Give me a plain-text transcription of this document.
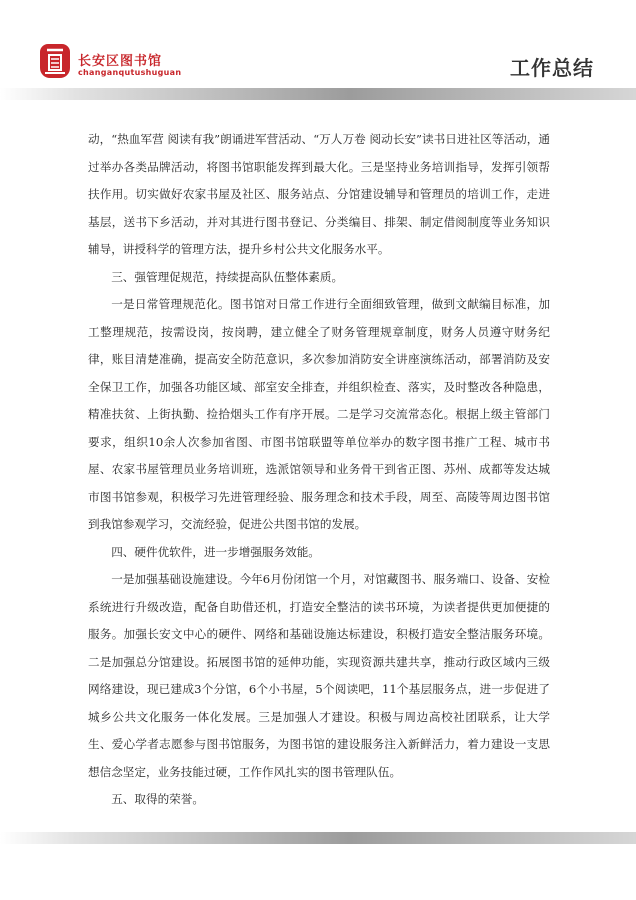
长安区图书馆
changanqutushuguan	工作总结

动，“热血军营 阅读有我”朗诵进军营活动、“万人万卷 阅动长安”读书日进社区等活动，通过举办各类品牌活动，将图书馆职能发挥到最大化。三是坚持业务培训指导，发挥引领帮扶作用。切实做好农家书屋及社区、服务站点、分馆建设辅导和管理员的培训工作，走进基层，送书下乡活动，并对其进行图书登记、分类编目、排架、制定借阅制度等业务知识辅导，讲授科学的管理方法，提升乡村公共文化服务水平。

三、强管理促规范，持续提高队伍整体素质。

一是日常管理规范化。图书馆对日常工作进行全面细致管理，做到文献编目标准，加工整理规范，按需设岗，按岗聘，建立健全了财务管理规章制度，财务人员遵守财务纪律，账目清楚准确，提高安全防范意识，多次参加消防安全讲座演练活动，部署消防及安全保卫工作，加强各功能区域、部室安全排查，并组织检查、落实，及时整改各种隐患，精准扶贫、上街执勤、捡拾烟头工作有序开展。二是学习交流常态化。根据上级主管部门要求，组织10余人次参加省图、市图书馆联盟等单位举办的数字图书推广工程、城市书屋、农家书屋管理员业务培训班，选派馆领导和业务骨干到省正图、苏州、成都等发达城市图书馆参观，积极学习先进管理经验、服务理念和技术手段，周至、高陵等周边图书馆到我馆参观学习，交流经验，促进公共图书馆的发展。

四、硬件优软件，进一步增强服务效能。

一是加强基础设施建设。今年6月份闭馆一个月，对馆藏图书、服务端口、设备、安检系统进行升级改造，配备自助借还机，打造安全整洁的读书环境，为读者提供更加便捷的服务。加强长安文中心的硬件、网络和基础设施达标建设，积极打造安全整洁服务环境。二是加强总分馆建设。拓展图书馆的延伸功能，实现资源共建共享，推动行政区域内三级网络建设，现已建成3个分馆，6个小书屋，5个阅读吧，11个基层服务点，进一步促进了城乡公共文化服务一体化发展。三是加强人才建设。积极与周边高校社团联系，让大学生、爱心学者志愿参与图书馆服务，为图书馆的建设服务注入新鲜活力，着力建设一支思想信念坚定，业务技能过硬，工作作风扎实的图书管理队伍。

五、取得的荣誉。
